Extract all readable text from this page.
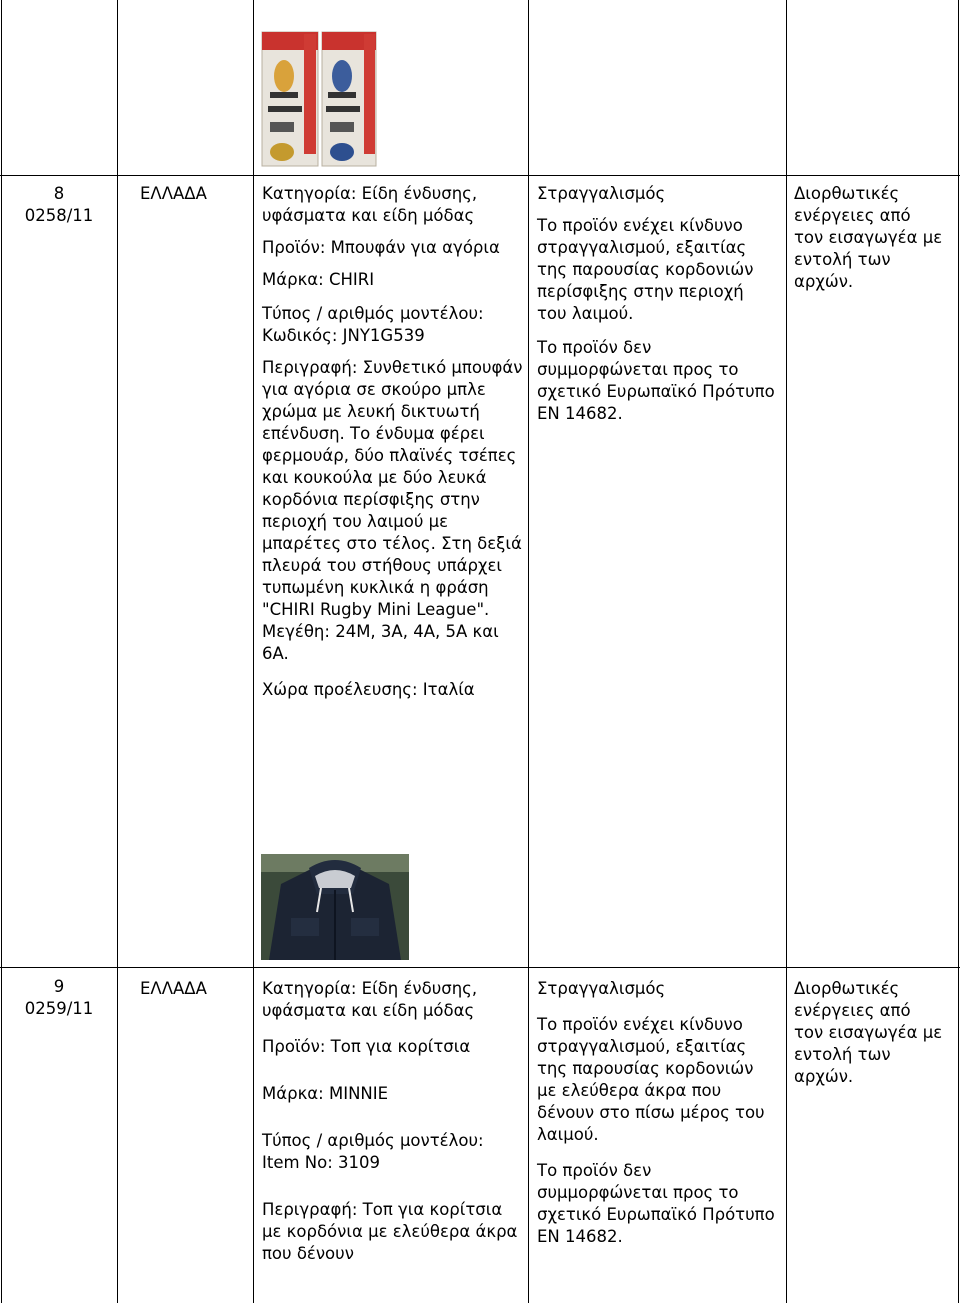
8
0258/11
ΕΛΛΑΔΑ	Κατηγορία: Είδη ένδυσης, υφάσματα και είδη μόδας

Προϊόν: Μπουφάν για αγόρια

Μάρκα: CHIRI

Τύπος / αριθμός μοντέλου:

Κωδικός: JNY1G539

Περιγραφή: Συνθετικό μπουφάν για αγόρια σε σκούρο μπλε χρώμα με λευκή δικτυωτή επένδυση. Το ένδυμα φέρει φερμουάρ, δύο πλαϊνές τσέπες και κουκούλα με δύο λευκά κορδόνια περίσφιξης στην περιοχή του λαιμού με μπαρέτες στο τέλος. Στη δεξιά πλευρά του στήθους υπάρχει τυπωμένη κυκλικά η φράση "CHIRI Rugby Mini League". Μεγέθη: 24M, 3A, 4A, 5A και 6A.

Χώρα προέλευσης: Ιταλία

Στραγγαλισμός

Το προϊόν ενέχει κίνδυνο στραγγαλισμού, εξαιτίας της παρουσίας κορδονιών περίσφιξης στην περιοχή του λαιμού.

Το προϊόν δεν συμμορφώνεται προς το σχετικό Ευρωπαϊκό Πρότυπο EN 14682.

Διορθωτικές ενέργειες από τον εισαγωγέα με εντολή των αρχών.

9
0259/11
ΕΛΛΑΔΑ	Κατηγορία: Είδη ένδυσης, υφάσματα και είδη μόδας

Προϊόν: Τοπ για κορίτσια

Μάρκα: MINNIE

Τύπος / αριθμός μοντέλου:

Item No: 3109

Περιγραφή: Τοπ για κορίτσια με κορδόνια με ελεύθερα άκρα που δένουν

Στραγγαλισμός

Το προϊόν ενέχει κίνδυνο στραγγαλισμού, εξαιτίας της παρουσίας κορδονιών με ελεύθερα άκρα που δένουν στο πίσω μέρος του λαιμού.

Το προϊόν δεν συμμορφώνεται προς το σχετικό Ευρωπαϊκό Πρότυπο EN 14682.

Διορθωτικές ενέργειες από τον εισαγωγέα με εντολή των αρχών.
